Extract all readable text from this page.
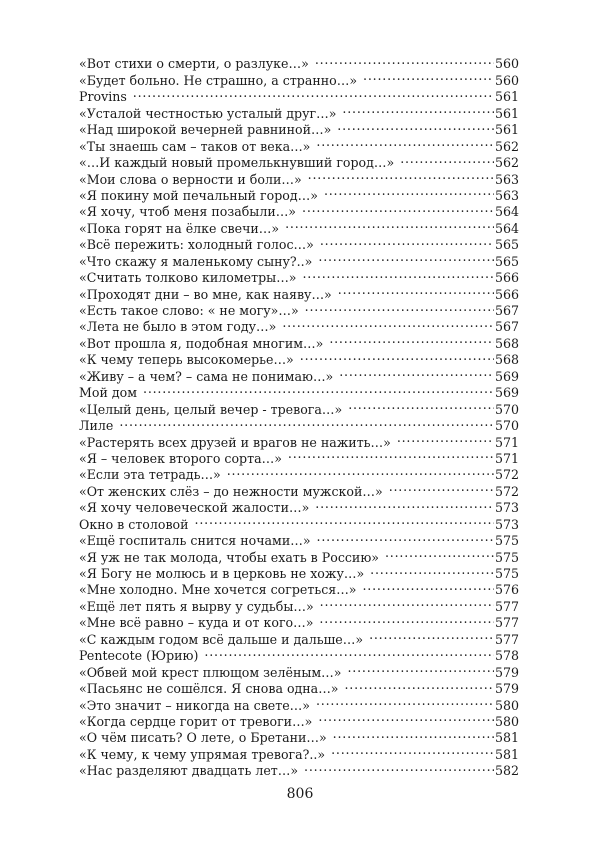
«Вот стихи о смерти, о разлуке…» .....	560
«Будет больно. Не страшно, а странно…» .....	560
Provins .....	561
«Усталой честностью усталый друг…» .....	561
«Над широкой вечерней равниной…» .....	561
«Ты знаешь сам – таков от века…» .....	562
«…И каждый новый промелькнувший город…» .....	562
«Мои слова о верности и боли…» .....	563
«Я покину мой печальный город…» .....	563
«Я хочу, чтоб меня позабыли…» .....	564
«Пока горят на ёлке свечи…» .....	564
«Всё пережить: холодный голос…» .....	565
«Что скажу я маленькому сыну?..» .....	565
«Считать толково километры…» .....	566
«Проходят дни – во мне, как наяву…» .....	566
«Есть такое слово: « не могу»…» .....	567
«Лета не было в этом году…» .....	567
«Вот прошла я, подобная многим…» .....	568
«К чему теперь высокомерье…» .....	568
«Живу – а чем? – сама не понимаю…» .....	569
Мой дом .....	569
«Целый день, целый вечер - тревога…» .....	570
Лиле .....	570
«Растерять всех друзей и врагов не нажить…» .....	571
«Я – человек второго сорта…» .....	571
«Если эта тетрадь…» .....	572
«От женских слёз – до нежности мужской…» .....	572
«Я хочу человеческой жалости…» .....	573
Окно в столовой .....	573
«Ещё госпиталь снится ночами…» .....	575
«Я уж не так молода, чтобы ехать в Россию» .....	575
«Я Богу не молюсь и в церковь не хожу…» .....	575
«Мне холодно. Мне хочется согреться…» .....	576
«Ещё лет пять я вырву у судьбы…» .....	577
«Мне всё равно – куда и от кого…» .....	577
«С каждым годом всё дальше и дальше…» .....	577
Pentecote (Юрию) .....	578
«Обвей мой крест плющом зелёным…» .....	579
«Пасьянс не сошёлся. Я снова одна…» .....	579
«Это значит – никогда на свете…» .....	580
«Когда сердце горит от тревоги…» .....	580
«О чём писать? О лете, о Бретани…» .....	581
«К чему, к чему упрямая тревога?..» .....	581
«Нас разделяют двадцать лет…» .....	582
806
